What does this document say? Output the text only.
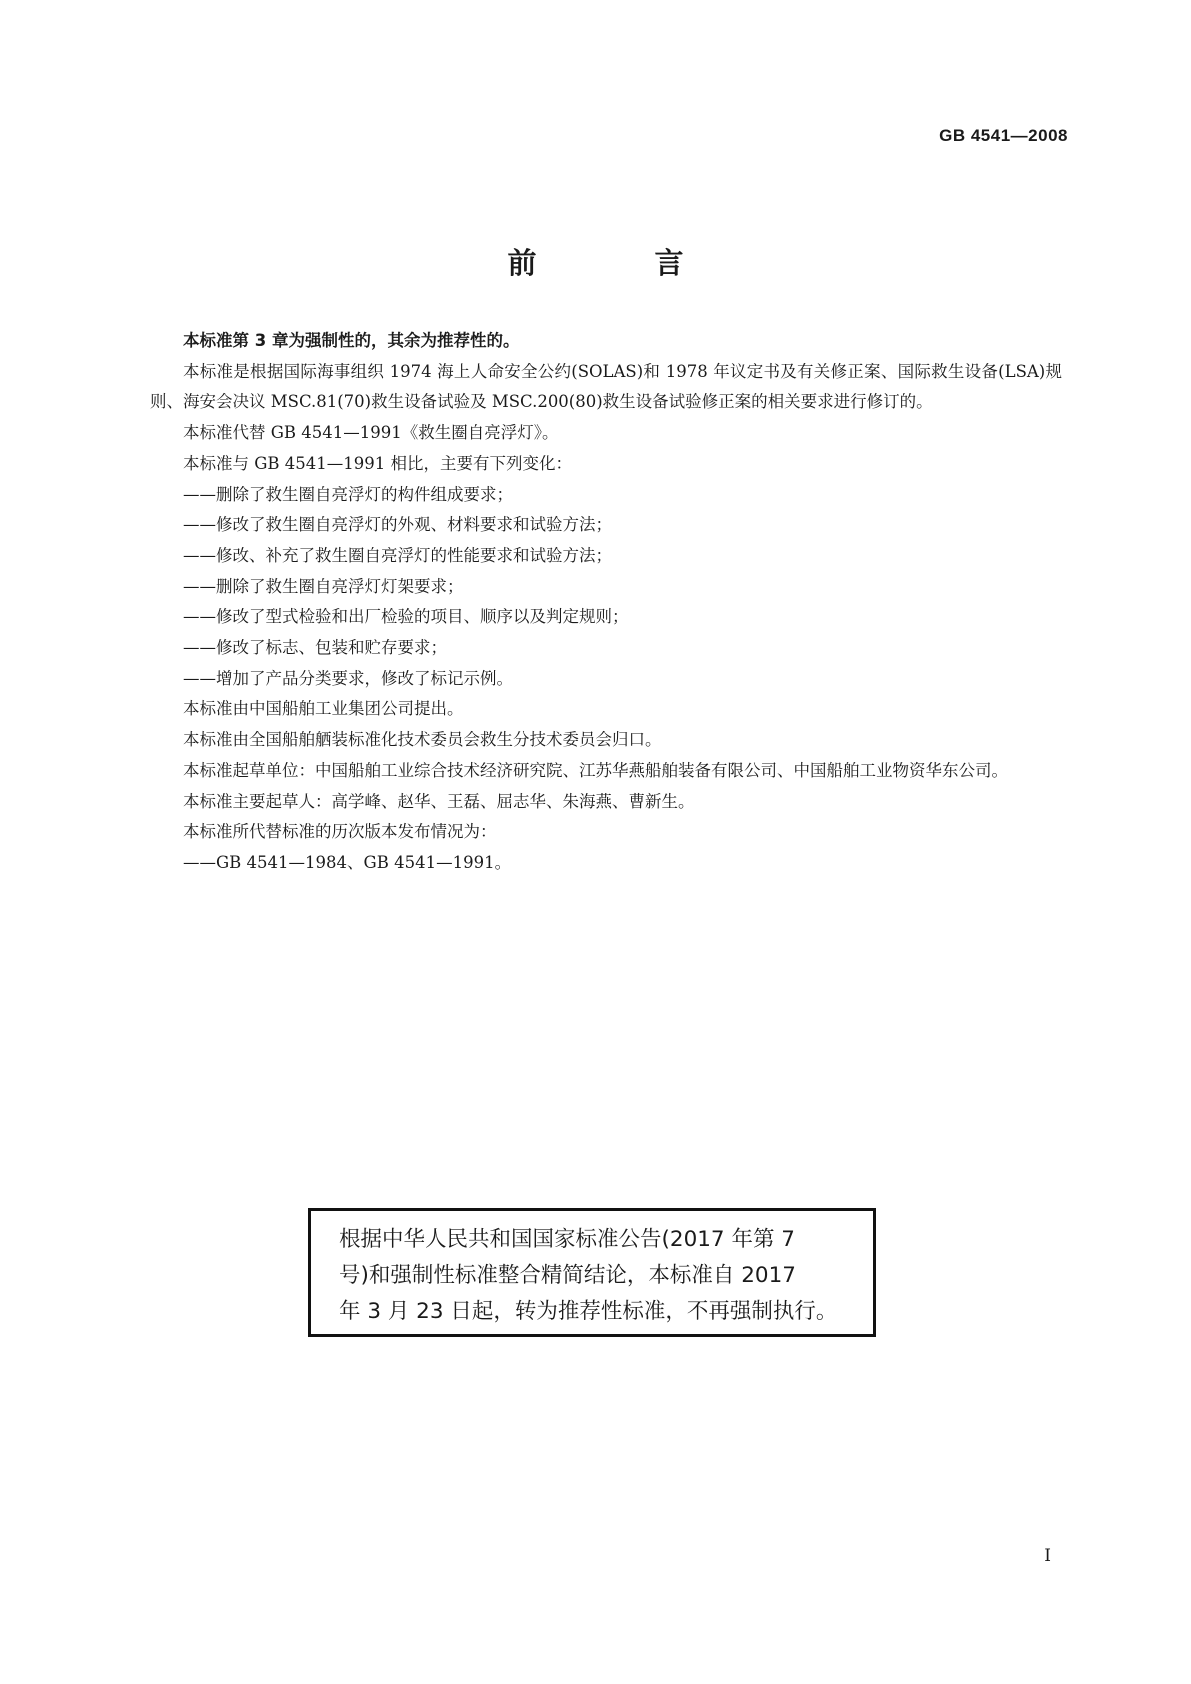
GB 4541—2008
前 言

本标准第 3 章为强制性的，其余为推荐性的。

本标准是根据国际海事组织 1974 海上人命安全公约(SOLAS)和 1978 年议定书及有关修正案、国际救生设备(LSA)规则、海安会决议 MSC.81(70)救生设备试验及 MSC.200(80)救生设备试验修正案的相关要求进行修订的。

本标准代替 GB 4541—1991《救生圈自亮浮灯》。

本标准与 GB 4541—1991 相比，主要有下列变化：

——删除了救生圈自亮浮灯的构件组成要求；

——修改了救生圈自亮浮灯的外观、材料要求和试验方法；

——修改、补充了救生圈自亮浮灯的性能要求和试验方法；

——删除了救生圈自亮浮灯灯架要求；

——修改了型式检验和出厂检验的项目、顺序以及判定规则；

——修改了标志、包装和贮存要求；

——增加了产品分类要求，修改了标记示例。

本标准由中国船舶工业集团公司提出。

本标准由全国船舶舾装标准化技术委员会救生分技术委员会归口。

本标准起草单位：中国船舶工业综合技术经济研究院、江苏华燕船舶装备有限公司、中国船舶工业物资华东公司。

本标准主要起草人：高学峰、赵华、王磊、屈志华、朱海燕、曹新生。

本标准所代替标准的历次版本发布情况为：

——GB 4541—1984、GB 4541—1991。

根据中华人民共和国国家标准公告(2017 年第 7

号)和强制性标准整合精简结论，本标准自 2017

年 3 月 23 日起，转为推荐性标准，不再强制执行。

I
